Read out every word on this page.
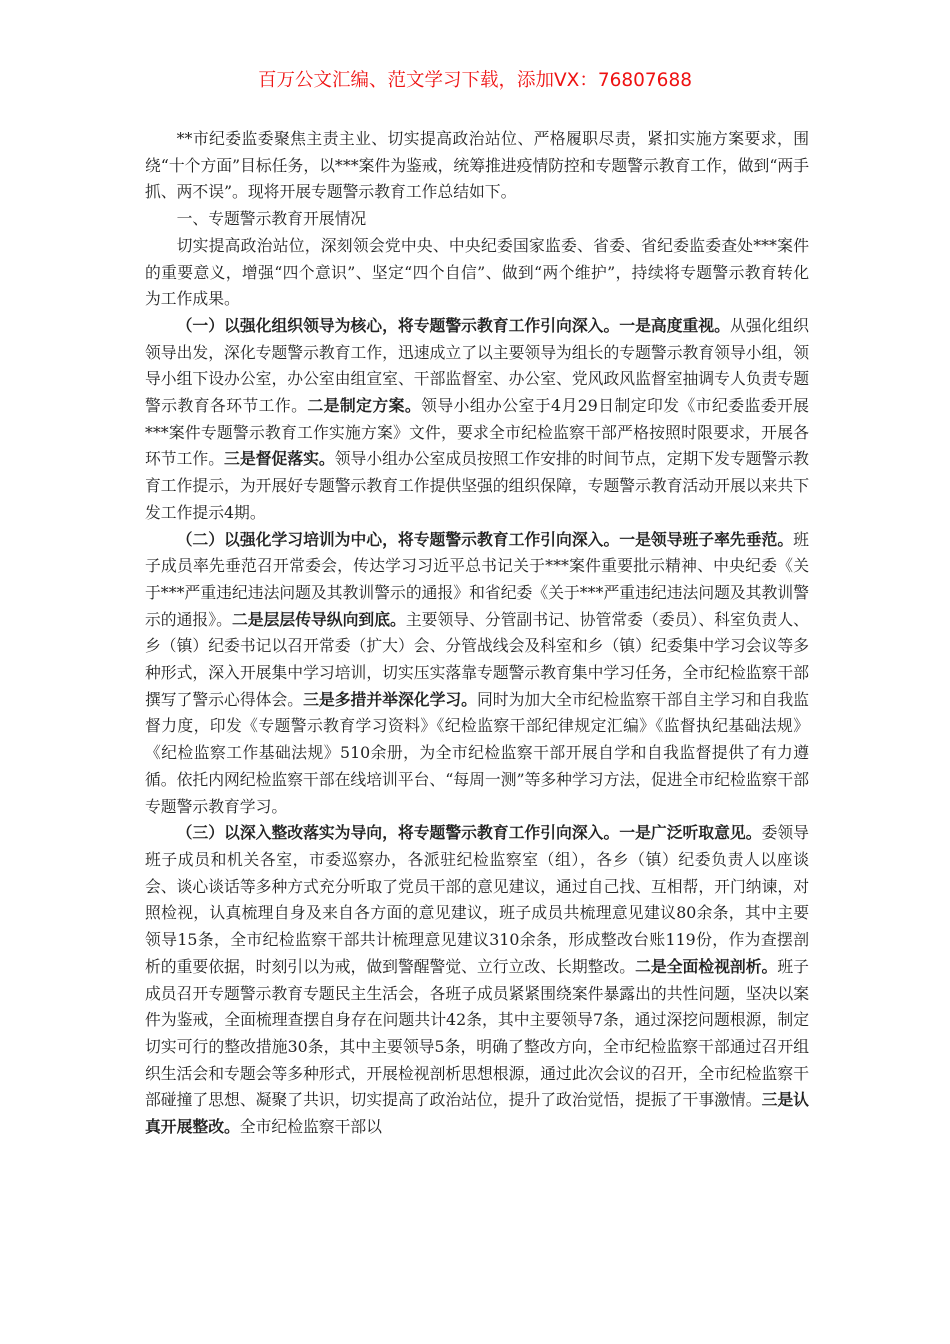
百万公文汇编、范文学习下载，添加VX：76807688

**市纪委监委聚焦主责主业、切实提高政治站位、严格履职尽责，紧扣实施方案要求，围绕“十个方面”目标任务，以***案件为鉴戒，统筹推进疫情防控和专题警示教育工作，做到“两手抓、两不误”。现将开展专题警示教育工作总结如下。

一、专题警示教育开展情况

切实提高政治站位，深刻领会党中央、中央纪委国家监委、省委、省纪委监委查处***案件的重要意义，增强“四个意识”、坚定“四个自信”、做到“两个维护”，持续将专题警示教育转化为工作成果。

（一）以强化组织领导为核心，将专题警示教育工作引向深入。一是高度重视。从强化组织领导出发，深化专题警示教育工作，迅速成立了以主要领导为组长的专题警示教育领导小组，领导小组下设办公室，办公室由组宣室、干部监督室、办公室、党风政风监督室抽调专人负责专题警示教育各环节工作。二是制定方案。领导小组办公室于4月29日制定印发《市纪委监委开展***案件专题警示教育工作实施方案》文件，要求全市纪检监察干部严格按照时限要求，开展各环节工作。三是督促落实。领导小组办公室成员按照工作安排的时间节点，定期下发专题警示教育工作提示，为开展好专题警示教育工作提供坚强的组织保障，专题警示教育活动开展以来共下发工作提示4期。

（二）以强化学习培训为中心，将专题警示教育工作引向深入。一是领导班子率先垂范。班子成员率先垂范召开常委会，传达学习习近平总书记关于***案件重要批示精神、中央纪委《关于***严重违纪违法问题及其教训警示的通报》和省纪委《关于***严重违纪违法问题及其教训警示的通报》。二是层层传导纵向到底。主要领导、分管副书记、协管常委（委员）、科室负责人、乡（镇）纪委书记以召开常委（扩大）会、分管战线会及科室和乡（镇）纪委集中学习会议等多种形式，深入开展集中学习培训，切实压实落靠专题警示教育集中学习任务，全市纪检监察干部撰写了警示心得体会。三是多措并举深化学习。同时为加大全市纪检监察干部自主学习和自我监督力度，印发《专题警示教育学习资料》《纪检监察干部纪律规定汇编》《监督执纪基础法规》《纪检监察工作基础法规》510余册，为全市纪检监察干部开展自学和自我监督提供了有力遵循。依托内网纪检监察干部在线培训平台、“每周一测”等多种学习方法，促进全市纪检监察干部专题警示教育学习。

（三）以深入整改落实为导向，将专题警示教育工作引向深入。一是广泛听取意见。委领导班子成员和机关各室，市委巡察办，各派驻纪检监察室（组），各乡（镇）纪委负责人以座谈会、谈心谈话等多种方式充分听取了党员干部的意见建议，通过自己找、互相帮，开门纳谏，对照检视，认真梳理自身及来自各方面的意见建议，班子成员共梳理意见建议80余条，其中主要领导15条，全市纪检监察干部共计梳理意见建议310余条，形成整改台账119份，作为查摆剖析的重要依据，时刻引以为戒，做到警醒警觉、立行立改、长期整改。二是全面检视剖析。班子成员召开专题警示教育专题民主生活会，各班子成员紧紧围绕案件暴露出的共性问题，坚决以案件为鉴戒，全面梳理查摆自身存在问题共计42条，其中主要领导7条，通过深挖问题根源，制定切实可行的整改措施30条，其中主要领导5条，明确了整改方向，全市纪检监察干部通过召开组织生活会和专题会等多种形式，开展检视剖析思想根源，通过此次会议的召开，全市纪检监察干部碰撞了思想、凝聚了共识，切实提高了政治站位，提升了政治觉悟，提振了干事激情。三是认真开展整改。全市纪检监察干部以
